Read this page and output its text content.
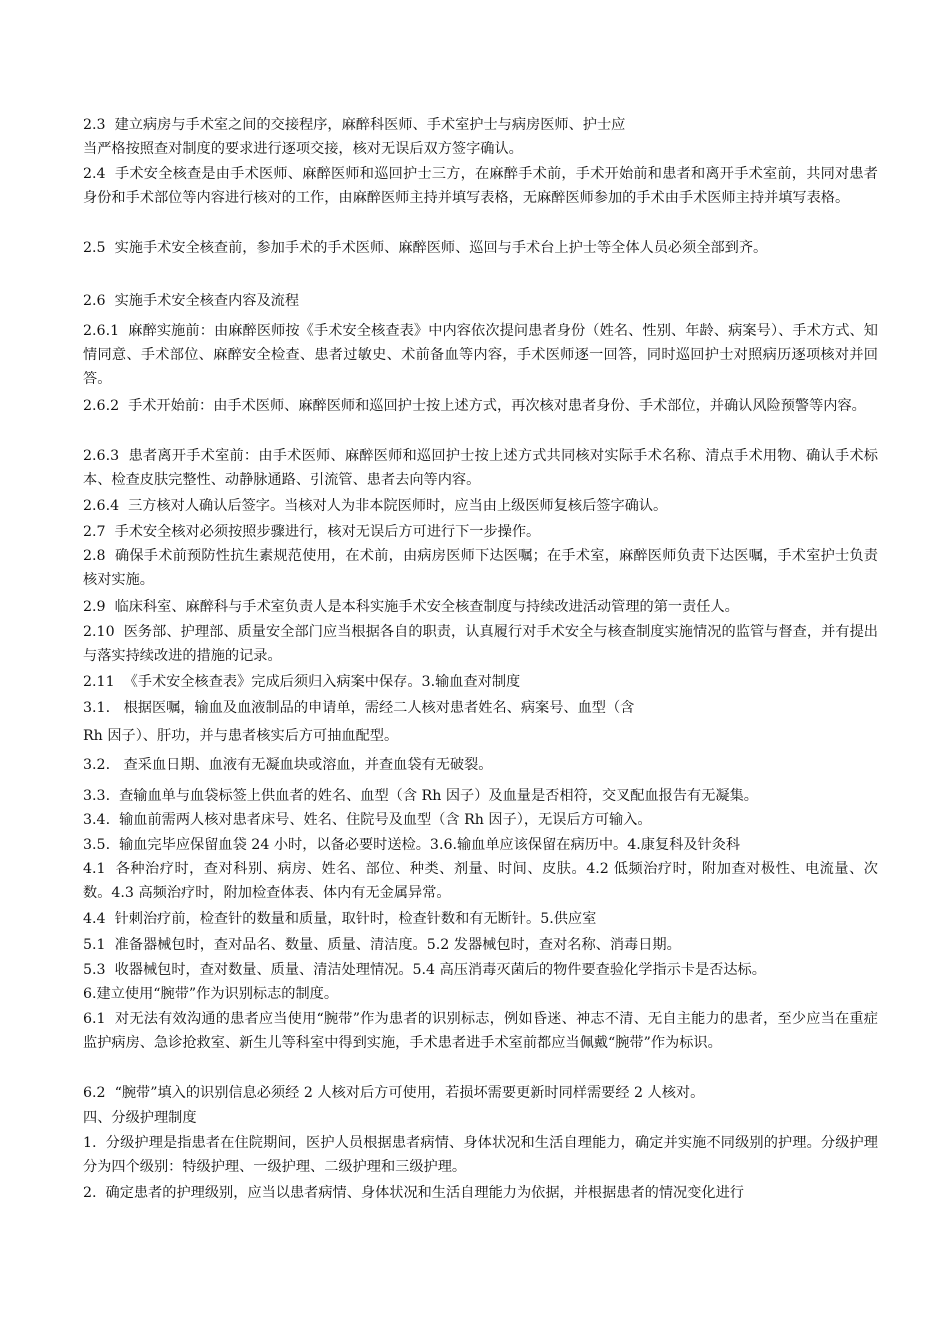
2.3  建立病房与手术室之间的交接程序，麻醉科医师、手术室护士与病房医师、护士应
当严格按照查对制度的要求进行逐项交接，核对无误后双方签字确认。
2.4  手术安全核查是由手术医师、麻醉医师和巡回护士三方，在麻醉手术前，手术开始前和患者和离开手术室前，共同对患者身份和手术部位等内容进行核对的工作，由麻醉医师主持并填写表格，无麻醉医师参加的手术由手术医师主持并填写表格。
2.5  实施手术安全核查前，参加手术的手术医师、麻醉医师、巡回与手术台上护士等全体人员必须全部到齐。
2.6  实施手术安全核查内容及流程
2.6.1  麻醉实施前：由麻醉医师按《手术安全核查表》中内容依次提问患者身份（姓名、性别、年龄、病案号）、手术方式、知情同意、手术部位、麻醉安全检查、患者过敏史、术前备血等内容，手术医师逐一回答，同时巡回护士对照病历逐项核对并回答。
2.6.2  手术开始前：由手术医师、麻醉医师和巡回护士按上述方式，再次核对患者身份、手术部位，并确认风险预警等内容。
2.6.3  患者离开手术室前：由手术医师、麻醉医师和巡回护士按上述方式共同核对实际手术名称、清点手术用物、确认手术标本、检查皮肤完整性、动静脉通路、引流管、患者去向等内容。
2.6.4  三方核对人确认后签字。当核对人为非本院医师时，应当由上级医师复核后签字确认。
2.7  手术安全核对必须按照步骤进行，核对无误后方可进行下一步操作。
2.8  确保手术前预防性抗生素规范使用，在术前，由病房医师下达医嘱；在手术室，麻醉医师负责下达医嘱，手术室护士负责核对实施。
2.9  临床科室、麻醉科与手术室负责人是本科实施手术安全核查制度与持续改进活动管理的第一责任人。
2.10  医务部、护理部、质量安全部门应当根据各自的职责，认真履行对手术安全与核查制度实施情况的监管与督查，并有提出与落实持续改进的措施的记录。
2.11  《手术安全核查表》完成后须归入病案中保存。3.输血查对制度
3.1.   根据医嘱，输血及血液制品的申请单，需经二人核对患者姓名、病案号、血型（含
Rh 因子）、肝功，并与患者核实后方可抽血配型。
3.2.   查采血日期、血液有无凝血块或溶血，并查血袋有无破裂。
3.3.  查输血单与血袋标签上供血者的姓名、血型（含 Rh 因子）及血量是否相符，交叉配血报告有无凝集。
3.4.  输血前需两人核对患者床号、姓名、住院号及血型（含 Rh 因子），无误后方可输入。
3.5.  输血完毕应保留血袋 24 小时，以备必要时送检。3.6.输血单应该保留在病历中。4.康复科及针灸科
4.1  各种治疗时，查对科别、病房、姓名、部位、种类、剂量、时间、皮肤。4.2 低频治疗时，附加查对极性、电流量、次数。4.3 高频治疗时，附加检查体表、体内有无金属异常。
4.4  针刺治疗前，检查针的数量和质量，取针时，检查针数和有无断针。5.供应室
5.1  准备器械包时，查对品名、数量、质量、清洁度。5.2 发器械包时，查对名称、消毒日期。
5.3  收器械包时，查对数量、质量、清洁处理情况。5.4 高压消毒灭菌后的物件要查验化学指示卡是否达标。
6.建立使用“腕带”作为识别标志的制度。
6.1  对无法有效沟通的患者应当使用“腕带”作为患者的识别标志，例如昏迷、神志不清、无自主能力的患者，至少应当在重症监护病房、急诊抢救室、新生儿等科室中得到实施，手术患者进手术室前都应当佩戴“腕带”作为标识。
6.2  “腕带”填入的识别信息必须经 2 人核对后方可使用，若损坏需要更新时同样需要经 2 人核对。
四、分级护理制度
1.  分级护理是指患者在住院期间，医护人员根据患者病情、身体状况和生活自理能力，确定并实施不同级别的护理。分级护理分为四个级别：特级护理、一级护理、二级护理和三级护理。
2.  确定患者的护理级别，应当以患者病情、身体状况和生活自理能力为依据，并根据患者的情况变化进行
